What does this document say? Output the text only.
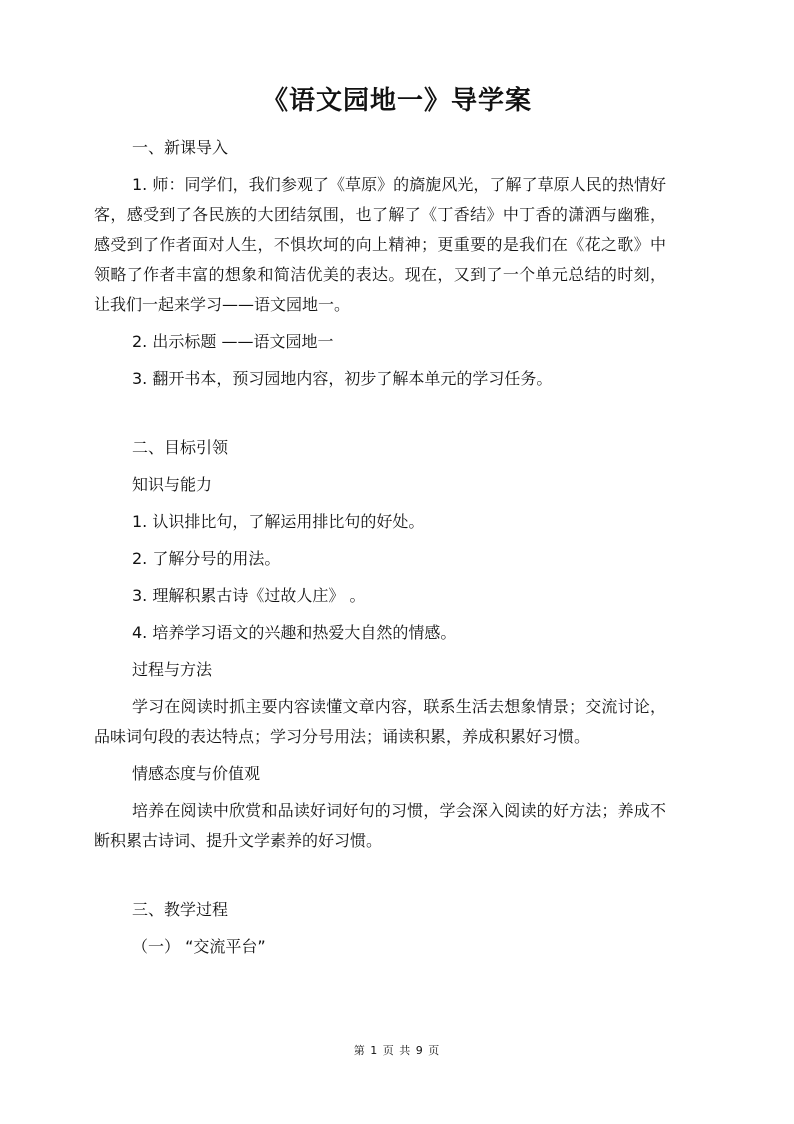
《语文园地一》导学案

一、新课导入

1. 师：同学们，我们参观了《草原》的旖旎风光，了解了草原人民的热情好客，感受到了各民族的大团结氛围，也了解了《丁香结》中丁香的潇洒与幽雅，感受到了作者面对人生，不惧坎坷的向上精神；更重要的是我们在《花之歌》中领略了作者丰富的想象和简洁优美的表达。现在，又到了一个单元总结的时刻，让我们一起来学习——语文园地一。

2. 出示标题 ——语文园地一

3. 翻开书本，预习园地内容，初步了解本单元的学习任务。

二、目标引领

知识与能力

1. 认识排比句，了解运用排比句的好处。

2. 了解分号的用法。

3. 理解积累古诗《过故人庄》 。

4. 培养学习语文的兴趣和热爱大自然的情感。

过程与方法

学习在阅读时抓主要内容读懂文章内容，联系生活去想象情景；交流讨论，品味词句段的表达特点；学习分号用法；诵读积累，养成积累好习惯。

情感态度与价值观

培养在阅读中欣赏和品读好词好句的习惯，学会深入阅读的好方法；养成不断积累古诗词、提升文学素养的好习惯。

三、教学过程

（一） “交流平台”

第 1 页 共 9 页
